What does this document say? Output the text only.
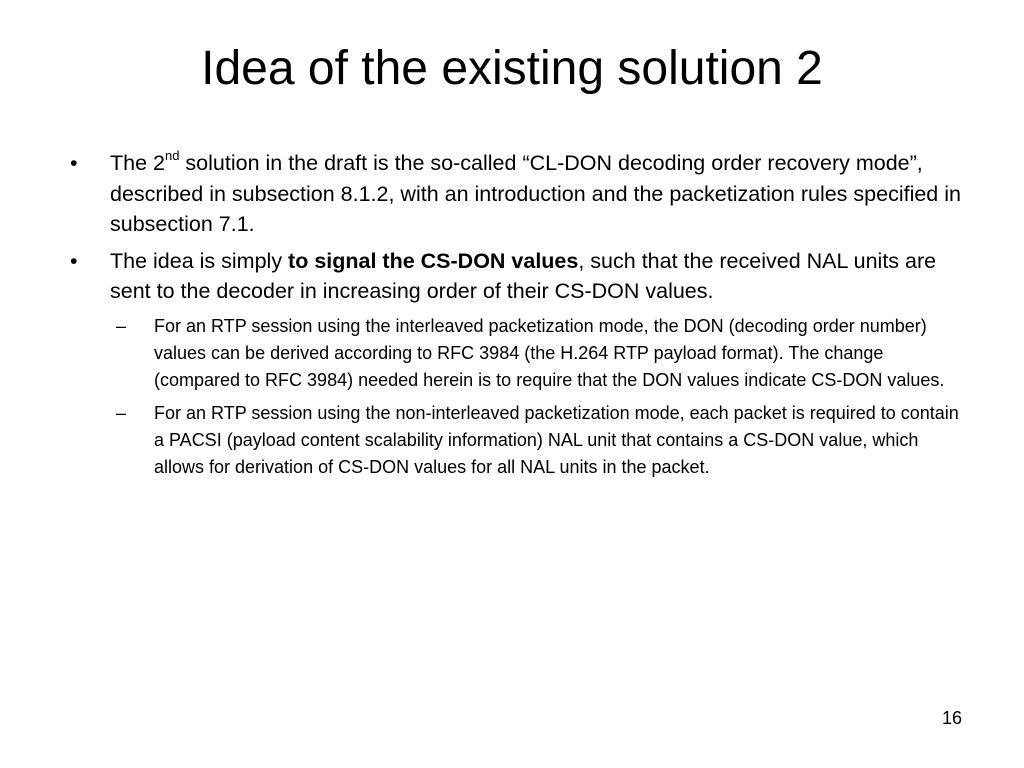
Idea of the existing solution 2
•	The 2nd solution in the draft is the so-called “CL-DON decoding order recovery mode”, described in subsection 8.1.2, with an introduction and the packetization rules specified in subsection 7.1.
•	The idea is simply to signal the CS-DON values, such that the received NAL units are sent to the decoder in increasing order of their CS-DON values.
–	For an RTP session using the interleaved packetization mode, the DON (decoding order number) values can be derived according to RFC 3984 (the H.264 RTP payload format). The change (compared to RFC 3984) needed herein is to require that the DON values indicate CS-DON values.
–	For an RTP session using the non-interleaved packetization mode, each packet is required to contain a PACSI (payload content scalability information) NAL unit that contains a CS-DON value, which allows for derivation of CS-DON values for all NAL units in the packet.
16
